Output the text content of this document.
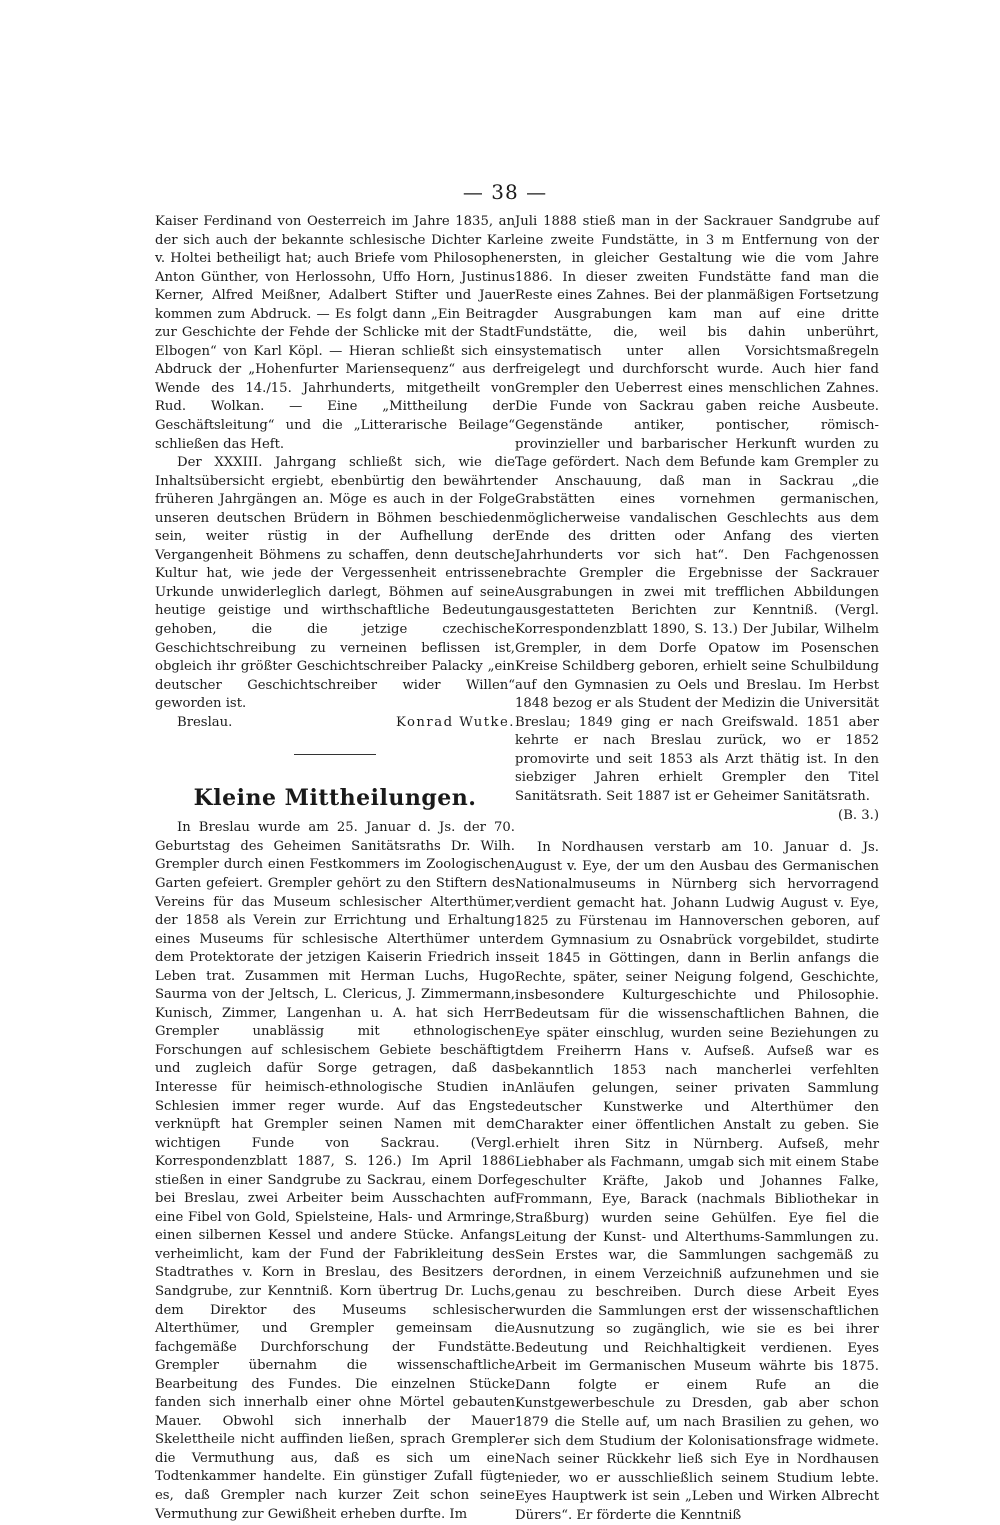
— 38 —

Kaiser Ferdinand von Oesterreich im Jahre 1835, an der sich auch der bekannte schlesische Dichter Karl v. Holtei betheiligt hat; auch Briefe vom Philosophen Anton Günther, von Herlossohn, Uffo Horn, Justinus Kerner, Alfred Meißner, Adalbert Stifter und Jauer kommen zum Abdruck. — Es folgt dann „Ein Beitrag zur Geschichte der Fehde der Schlicke mit der Stadt Elbogen“ von Karl Köpl. — Hieran schließt sich ein Abdruck der „Hohenfurter Mariensequenz“ aus der Wende des 14./15. Jahrhunderts, mitgetheilt von Rud. Wolkan. — Eine „Mittheilung der Geschäftsleitung“ und die „Litterarische Beilage“ schließen das Heft.

Der XXXIII. Jahrgang schließt sich, wie die Inhaltsübersicht ergiebt, ebenbürtig den bewährten früheren Jahrgängen an. Möge es auch in der Folge unseren deutschen Brüdern in Böhmen beschieden sein, weiter rüstig in der Aufhellung der Vergangenheit Böhmens zu schaffen, denn deutsche Kultur hat, wie jede der Vergessenheit entrissene Urkunde unwiderleglich darlegt, Böhmen auf seine heutige geistige und wirthschaftliche Bedeutung gehoben, die die jetzige czechische Geschichtschreibung zu verneinen beflissen ist, obgleich ihr größter Geschichtschreiber Palacky „ein deutscher Geschichtschreiber wider Willen“ geworden ist.

Breslau.	Konrad Wutke.
Kleine Mittheilungen.

In Breslau wurde am 25. Januar d. Js. der 70. Geburtstag des Geheimen Sanitätsraths Dr. Wilh. Grempler durch einen Festkommers im Zoologischen Garten gefeiert. Grempler gehört zu den Stiftern des Vereins für das Museum schlesischer Alterthümer, der 1858 als Verein zur Errichtung und Erhaltung eines Museums für schlesische Alterthümer unter dem Protektorate der jetzigen Kaiserin Friedrich ins Leben trat. Zusammen mit Herman Luchs, Hugo Saurma von der Jeltsch, L. Clericus, J. Zimmermann, Kunisch, Zimmer, Langenhan u. A. hat sich Herr Grempler unablässig mit ethnologischen Forschungen auf schlesischem Gebiete beschäftigt und zugleich dafür Sorge getragen, daß das Interesse für heimisch-ethnologische Studien in Schlesien immer reger wurde. Auf das Engste verknüpft hat Grempler seinen Namen mit dem wichtigen Funde von Sackrau. (Vergl. Korrespondenzblatt 1887, S. 126.) Im April 1886 stießen in einer Sandgrube zu Sackrau, einem Dorfe bei Breslau, zwei Arbeiter beim Ausschachten auf eine Fibel von Gold, Spielsteine, Hals- und Armringe, einen silbernen Kessel und andere Stücke. Anfangs verheimlicht, kam der Fund der Fabrikleitung des Stadtrathes v. Korn in Breslau, des Besitzers der Sandgrube, zur Kenntniß. Korn übertrug Dr. Luchs, dem Direktor des Museums schlesischer Alterthümer, und Grempler gemeinsam die fachgemäße Durchforschung der Fundstätte. Grempler übernahm die wissenschaftliche Bearbeitung des Fundes. Die einzelnen Stücke fanden sich innerhalb einer ohne Mörtel gebauten Mauer. Obwohl sich innerhalb der Mauer Skelettheile nicht auffinden ließen, sprach Grempler die Vermuthung aus, daß es sich um eine Todtenkammer handelte. Ein günstiger Zufall fügte es, daß Grempler nach kurzer Zeit schon seine Vermuthung zur Gewißheit erheben durfte. Im

Juli 1888 stieß man in der Sackrauer Sandgrube auf eine zweite Fundstätte, in 3 m Entfernung von der ersten, in gleicher Gestaltung wie die vom Jahre 1886. In dieser zweiten Fundstätte fand man die Reste eines Zahnes. Bei der planmäßigen Fortsetzung der Ausgrabungen kam man auf eine dritte Fundstätte, die, weil bis dahin unberührt, systematisch unter allen Vorsichtsmaßregeln freigelegt und durchforscht wurde. Auch hier fand Grempler den Ueberrest eines menschlichen Zahnes. Die Funde von Sackrau gaben reiche Ausbeute. Gegenstände antiker, pontischer, römisch-provinzieller und barbarischer Herkunft wurden zu Tage gefördert. Nach dem Befunde kam Grempler zu der Anschauung, daß man in Sackrau „die Grabstätten eines vornehmen germanischen, möglicherweise vandalischen Geschlechts aus dem Ende des dritten oder Anfang des vierten Jahrhunderts vor sich hat“. Den Fachgenossen brachte Grempler die Ergebnisse der Sackrauer Ausgrabungen in zwei mit trefflichen Abbildungen ausgestatteten Berichten zur Kenntniß. (Vergl. Korrespondenzblatt 1890, S. 13.) Der Jubilar, Wilhelm Grempler, in dem Dorfe Opatow im Posenschen Kreise Schildberg geboren, erhielt seine Schulbildung auf den Gymnasien zu Oels und Breslau. Im Herbst 1848 bezog er als Student der Medizin die Universität Breslau; 1849 ging er nach Greifswald. 1851 aber kehrte er nach Breslau zurück, wo er 1852 promovirte und seit 1853 als Arzt thätig ist. In den siebziger Jahren erhielt Grempler den Titel Sanitätsrath. Seit 1887 ist er Geheimer Sanitätsrath.
(B. 3.)

In Nordhausen verstarb am 10. Januar d. Js. August v. Eye, der um den Ausbau des Germanischen Nationalmuseums in Nürnberg sich hervorragend verdient gemacht hat. Johann Ludwig August v. Eye, 1825 zu Fürstenau im Hannoverschen geboren, auf dem Gymnasium zu Osnabrück vorgebildet, studirte seit 1845 in Göttingen, dann in Berlin anfangs die Rechte, später, seiner Neigung folgend, Geschichte, insbesondere Kulturgeschichte und Philosophie. Bedeutsam für die wissenschaftlichen Bahnen, die Eye später einschlug, wurden seine Beziehungen zu dem Freiherrn Hans v. Aufseß. Aufseß war es bekanntlich 1853 nach mancherlei verfehlten Anläufen gelungen, seiner privaten Sammlung deutscher Kunstwerke und Alterthümer den Charakter einer öffentlichen Anstalt zu geben. Sie erhielt ihren Sitz in Nürnberg. Aufseß, mehr Liebhaber als Fachmann, umgab sich mit einem Stabe geschulter Kräfte, Jakob und Johannes Falke, Frommann, Eye, Barack (nachmals Bibliothekar in Straßburg) wurden seine Gehülfen. Eye fiel die Leitung der Kunst- und Alterthums-Sammlungen zu. Sein Erstes war, die Sammlungen sachgemäß zu ordnen, in einem Verzeichniß aufzunehmen und sie genau zu beschreiben. Durch diese Arbeit Eyes wurden die Sammlungen erst der wissenschaftlichen Ausnutzung so zugänglich, wie sie es bei ihrer Bedeutung und Reichhaltigkeit verdienen. Eyes Arbeit im Germanischen Museum währte bis 1875. Dann folgte er einem Rufe an die Kunstgewerbeschule zu Dresden, gab aber schon 1879 die Stelle auf, um nach Brasilien zu gehen, wo er sich dem Studium der Kolonisationsfrage widmete. Nach seiner Rückkehr ließ sich Eye in Nordhausen nieder, wo er ausschließlich seinem Studium lebte. Eyes Hauptwerk ist sein „Leben und Wirken Albrecht Dürers“. Er förderte die Kenntniß
